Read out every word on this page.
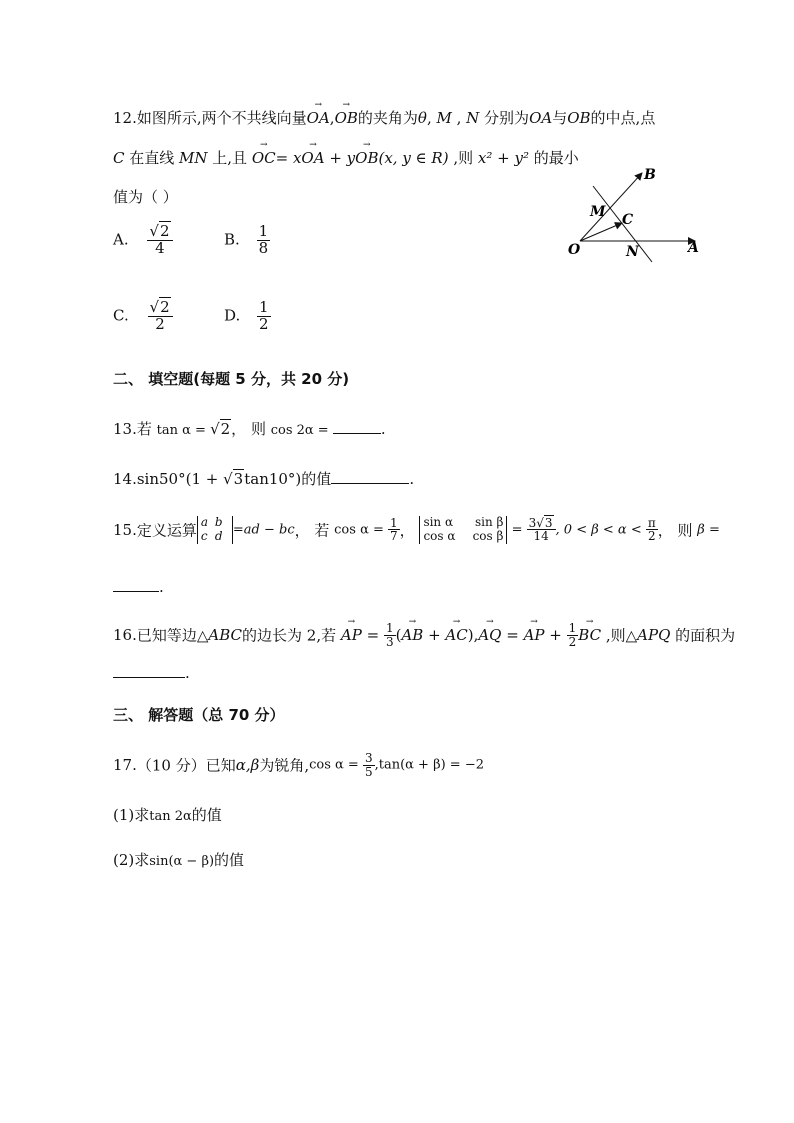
12.如图所示,两个不共线向量→ OA,→ OB的夹角为θ, M , N 分别为OA与OB的中点,点
C 在直线 MN 上,且 → OC= x→ OA + y→ OB(x, y ∈ R) ,则 x² + y² 的最小
值为（ ）
A. $\frac{√2}{4}$	B. $\frac{1}{8}$
C. $\frac{√2}{2}$	D. $\frac{1}{2}$
O	A
B
M C
N
二、 填空题(每题 5 分，共 20 分)
13.若 tan α = √2， 则 cos 2α =	.
14.sin50°(1 + √3tan10°)的值	.
15.定义运算 a b
c d =ad − bc， 若 $\cos \alpha = \frac{1}{7}$ ， sin α sin β
cos α $\cos \beta = \frac{3√3}{14}$ , $0 < \beta < \alpha < \frac{\pi}{2}$ ， 则 β =
.
16.已知等边△ABC的边长为 2,若 → AP = $\frac{1}{3}$ (→ AB + → AC),→ AQ = → AP + $\frac{1}{2}$
→ BC ,则△APQ 的面积为
.
三、 解答题（总 70 分）
17.（10 分）已知α,β为锐角,cos $\alpha = \frac{3}{5} ,\tan(\alpha + \beta) = -2$
(1)求tan 2α的值
(2)求sin(α − β)的值
